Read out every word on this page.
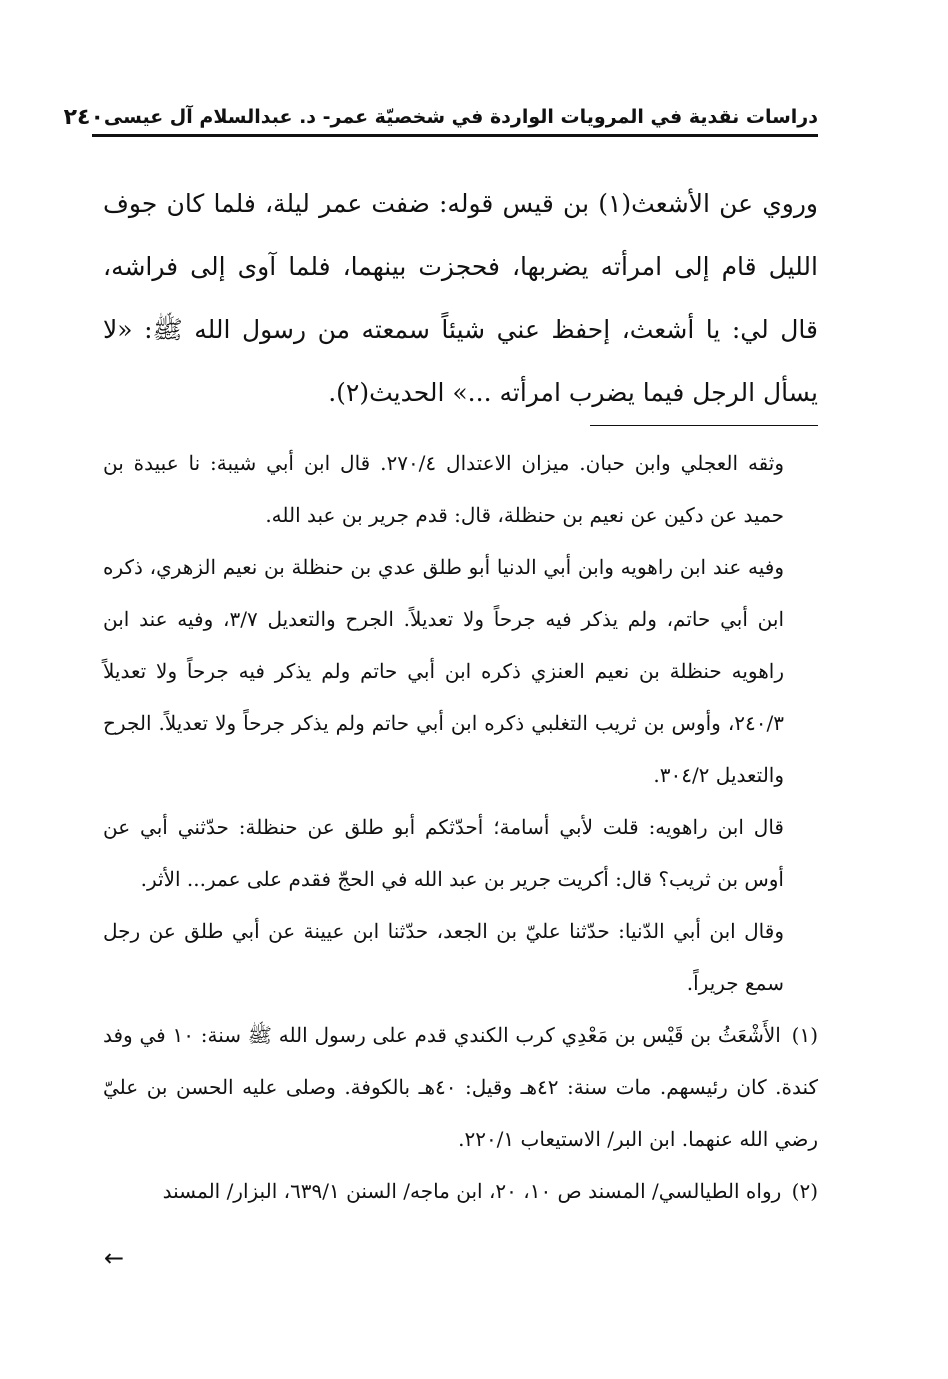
دراسات نقدية في المرويات الواردة في شخصيّة عمر- د. عبدالسلام آل عيسى
٢٤٠

وروي عن الأشعث(١) بن قيس قوله: ضفت عمر ليلة، فلما كان جوف الليل قام إلى امرأته يضربها، فحجزت بينهما، فلما آوى إلى فراشه، قال لي: يا أشعث، إحفظ عني شيئاً سمعته من رسول الله ﷺ: «لا يسأل الرجل فيما يضرب امرأته ...» الحديث(٢).

وثقه العجلي وابن حبان. ميزان الاعتدال ٢٧٠/٤. قال ابن أبي شيبة: نا عبيدة بن حميد عن دكين عن نعيم بن حنظلة، قال: قدم جرير بن عبد الله.

وفيه عند ابن راهويه وابن أبي الدنيا أبو طلق عدي بن حنظلة بن نعيم الزهري، ذكره ابن أبي حاتم، ولم يذكر فيه جرحاً ولا تعديلاً. الجرح والتعديل ٣/٧، وفيه عند ابن راهويه حنظلة بن نعيم العنزي ذكره ابن أبي حاتم ولم يذكر فيه جرحاً ولا تعديلاً ٢٤٠/٣، وأوس بن ثريب التغلبي ذكره ابن أبي حاتم ولم يذكر جرحاً ولا تعديلاً. الجرح والتعديل ٣٠٤/٢.

قال ابن راهويه: قلت لأبي أسامة؛ أحدّثكم أبو طلق عن حنظلة: حدّثني أبي عن أوس بن ثريب؟ قال: أكريت جرير بن عبد الله في الحجّ فقدم على عمر... الأثر.

وقال ابن أبي الدّنيا: حدّثنا عليّ بن الجعد، حدّثنا ابن عيينة عن أبي طلق عن رجل سمع جريراً.

(١) الأَشْعَثُ بن قَيْس بن مَعْدِي كرب الكندي قدم على رسول الله ﷺ سنة: ١٠ في وفد كندة. كان رئيسهم. مات سنة: ٤٢هـ وقيل: ٤٠هـ بالكوفة. وصلى عليه الحسن بن عليّ رضي الله عنهما. ابن البر/ الاستيعاب ٢٢٠/١.

(٢) رواه الطيالسي/ المسند ص ١٠، ٢٠، ابن ماجه/ السنن ٦٣٩/١، البزار/ المسند

←
